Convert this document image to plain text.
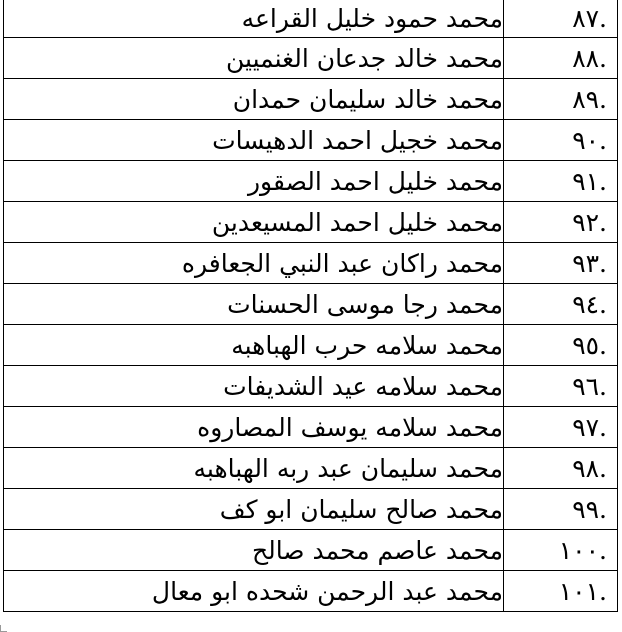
٨٧.	محمد حمود خليل القراعه
٨٨.	محمد خالد جدعان الغنميين
٨٩.	محمد خالد سليمان حمدان
٩٠.	محمد خجيل احمد الدهيسات
٩١.	محمد خليل احمد الصقور
٩٢.	محمد خليل احمد المسيعدين
٩٣.	محمد راكان عبد النبي الجعافره
٩٤.	محمد رجا موسى الحسنات
٩٥.	محمد سلامه حرب الهباهبه
٩٦.	محمد سلامه عيد الشديفات
٩٧.	محمد سلامه يوسف المصاروه
٩٨.	محمد سليمان عبد ربه الهباهبه
٩٩.	محمد صالح سليمان ابو كف
١٠٠.	محمد عاصم محمد صالح
١٠١.	محمد عبد الرحمن شحده ابو معال
